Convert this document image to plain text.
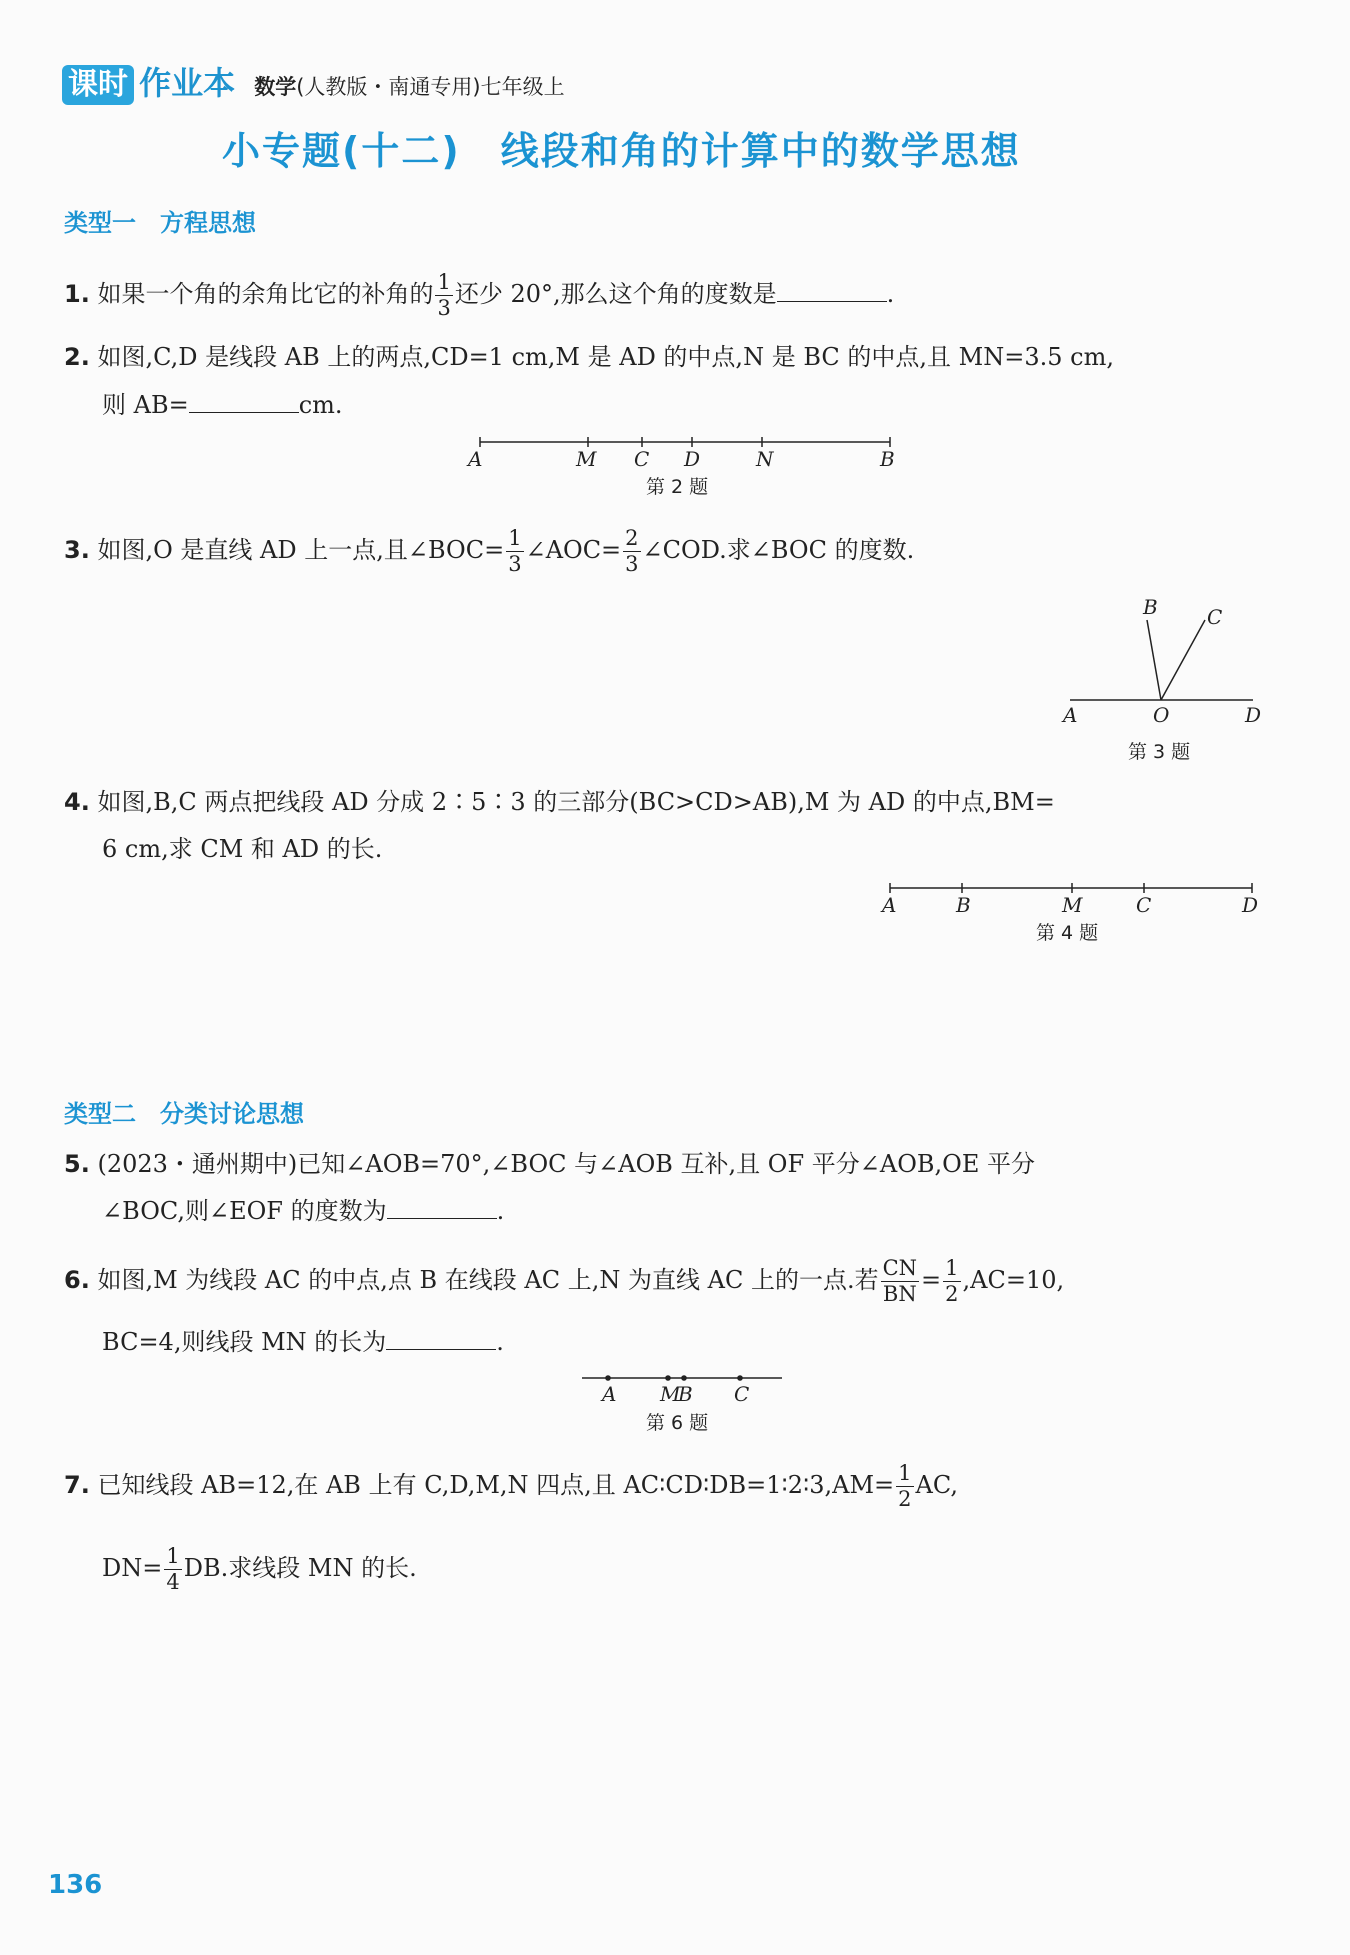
课时 作业本 数学(人教版・南通专用)七年级上
小专题(十二)　线段和角的计算中的数学思想
类型一　方程思想
1. 如果一个角的余角比它的补角的 $\frac{1}{3}$ 还少 20°,那么这个角的度数是	.
2. 如图,C,D 是线段 AB 上的两点,CD=1 cm,M 是 AD 的中点,N 是 BC 的中点,且 MN=3.5 cm,
则 AB=	cm.
A	M C D	N	B
第 2 题
3. 如图,O 是直线 AD 上一点,且∠BOC= $\frac{1}{3}$ ∠AOC= $\frac{2}{3}$ ∠COD.求∠BOC 的度数.
B C
A	O	D
第 3 题
4. 如图,B,C 两点把线段 AD 分成 2∶5∶3 的三部分(BC>CD>AB),M 为 AD 的中点,BM=
6 cm,求 CM 和 AD 的长.
A	B	M	C	D
第 4 题
类型二　分类讨论思想
5. (2023・通州期中)已知∠AOB=70°,∠BOC 与∠AOB 互补,且 OF 平分∠AOB,OE 平分
∠BOC,则∠EOF 的度数为	.
6. 如图,M 为线段 AC 的中点,点 B 在线段 AC 上,N 为直线 AC 上的一点.若 $\frac{CN}{BN} = \frac{1}{2} ,AC=10$,
BC=4,则线段 MN 的长为	.
A M
B C
第 6 题
7. 已知线段 AB=12,在 AB 上有 C,D,M,N 四点,且 AC∶CD∶DB=1∶2∶3,AM= $\frac{1}{2}$ AC,
$DN= \frac{1}{4}$ DB.求线段 MN 的长.
136
